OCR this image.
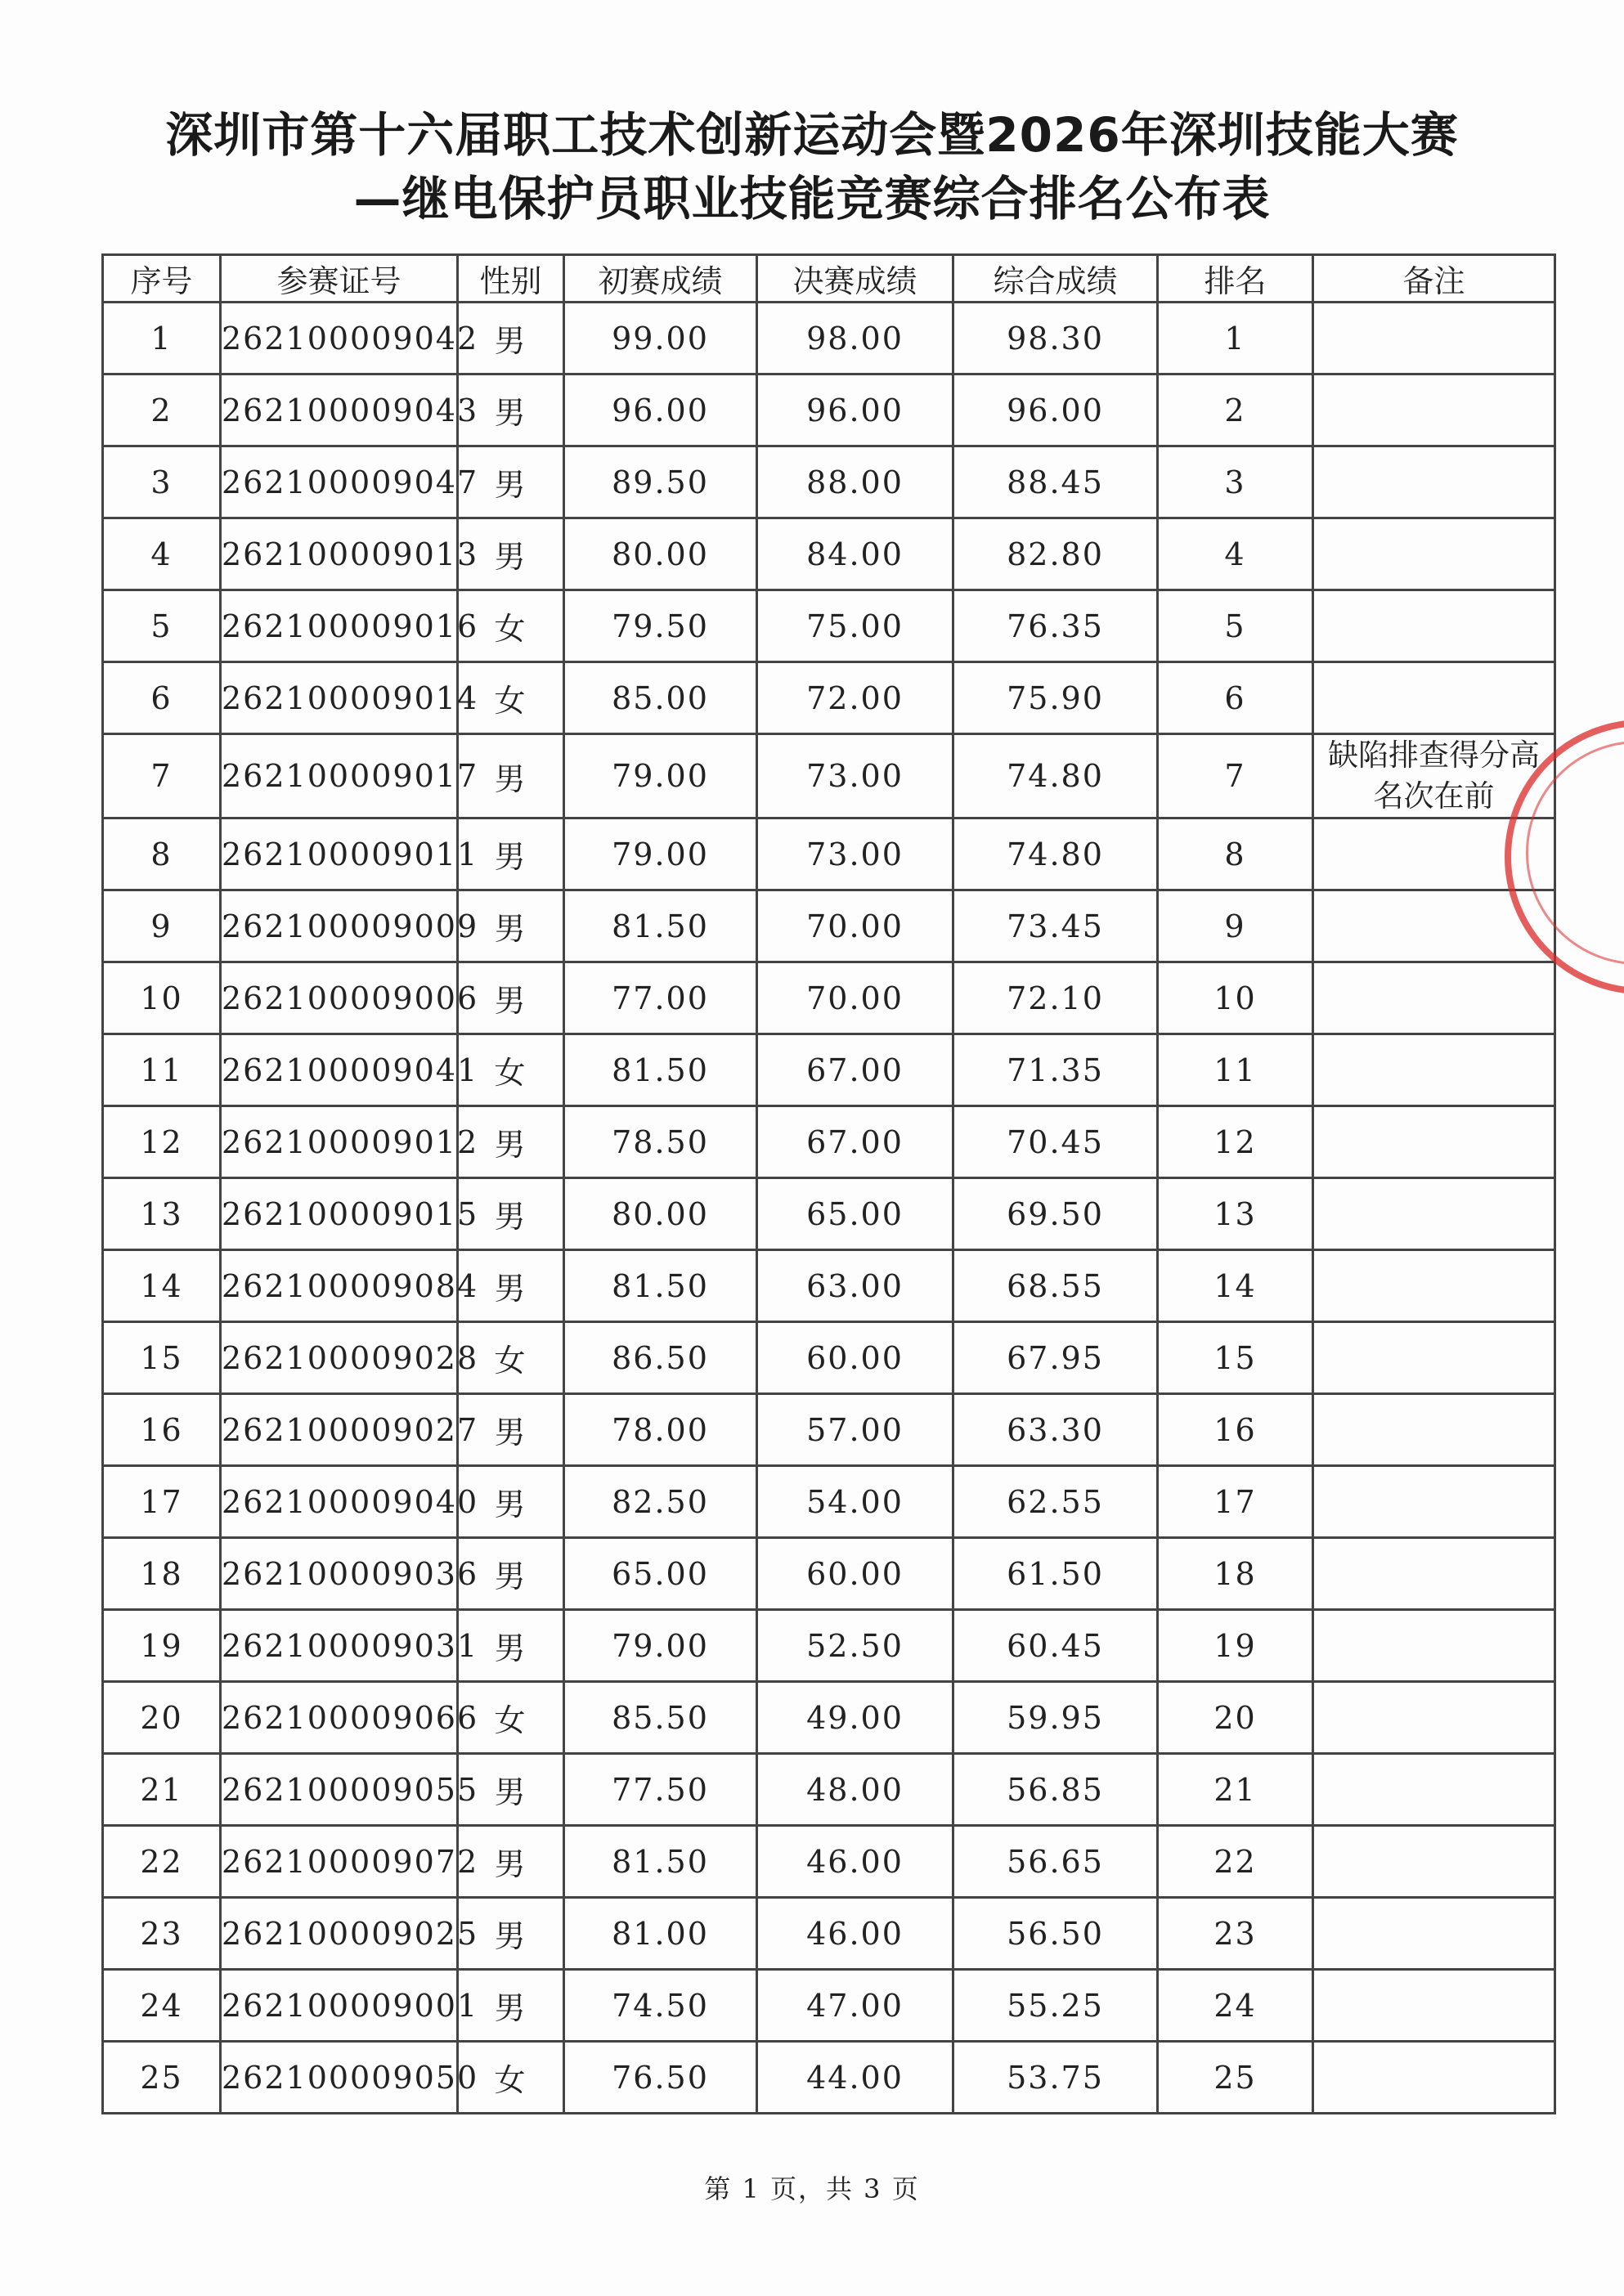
深圳市第十六届职工技术创新运动会暨2026年深圳技能大赛
—继电保护员职业技能竞赛综合排名公布表
序号	参赛证号	性别	初赛成绩	决赛成绩	综合成绩	排名	备注
1	262100009042	男	99.00	98.00	98.30	1	
2	262100009043	男	96.00	96.00	96.00	2	
3	262100009047	男	89.50	88.00	88.45	3	
4	262100009013	男	80.00	84.00	82.80	4	
5	262100009016	女	79.50	75.00	76.35	5	
6	262100009014	女	85.00	72.00	75.90	6	
7	262100009017	男	79.00	73.00	74.80	7	缺陷排查得分高名次在前
8	262100009011	男	79.00	73.00	74.80	8	
9	262100009009	男	81.50	70.00	73.45	9	
10	262100009006	男	77.00	70.00	72.10	10	
11	262100009041	女	81.50	67.00	71.35	11	
12	262100009012	男	78.50	67.00	70.45	12	
13	262100009015	男	80.00	65.00	69.50	13	
14	262100009084	男	81.50	63.00	68.55	14	
15	262100009028	女	86.50	60.00	67.95	15	
16	262100009027	男	78.00	57.00	63.30	16	
17	262100009040	男	82.50	54.00	62.55	17	
18	262100009036	男	65.00	60.00	61.50	18	
19	262100009031	男	79.00	52.50	60.45	19	
20	262100009066	女	85.50	49.00	59.95	20	
21	262100009055	男	77.50	48.00	56.85	21	
22	262100009072	男	81.50	46.00	56.65	22	
23	262100009025	男	81.00	46.00	56.50	23	
24	262100009001	男	74.50	47.00	55.25	24	
25	262100009050	女	76.50	44.00	53.75	25	
第 1 页，共 3 页
